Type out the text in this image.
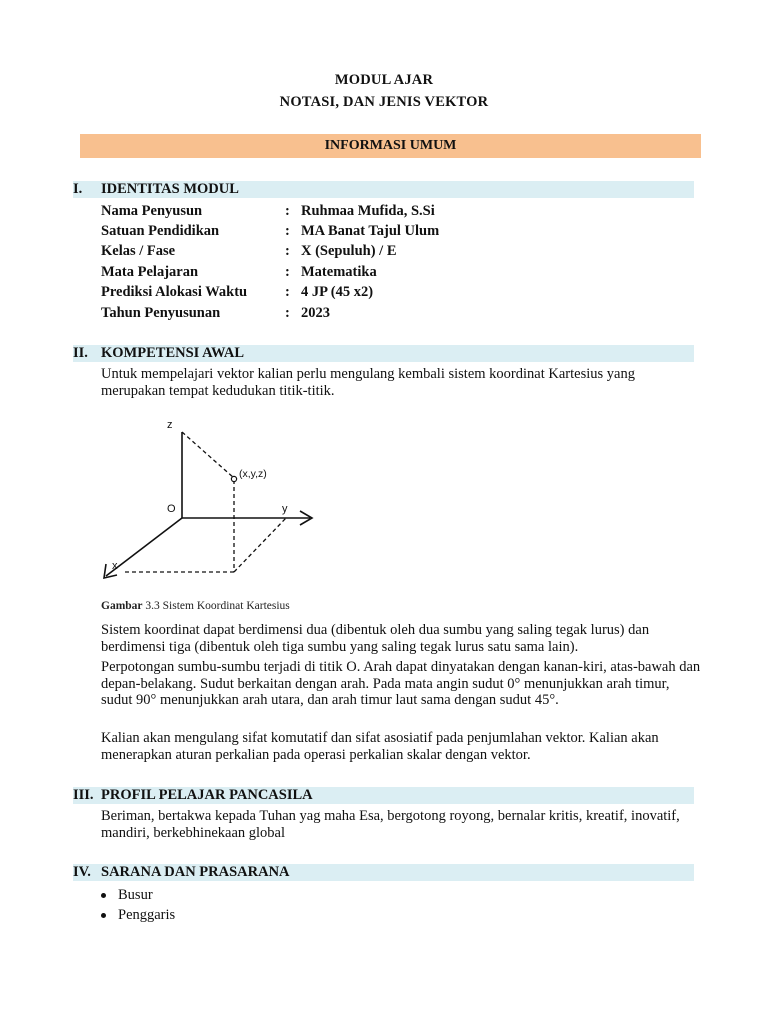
MODUL AJAR
NOTASI, DAN JENIS VEKTOR
INFORMASI UMUM
I. IDENTITAS MODUL
Nama Penyusun	: Ruhmaa Mufida, S.Si
Satuan Pendidikan	: MA Banat Tajul Ulum
Kelas / Fase	: X (Sepuluh) / E
Mata Pelajaran	: Matematika
Prediksi Alokasi Waktu	: 4 JP (45 x2)
Tahun Penyusunan	: 2023
II. KOMPETENSI AWAL
Untuk mempelajari vektor kalian perlu mengulang kembali sistem koordinat Kartesius yang merupakan tempat kedudukan titik-titik.
z
O	y
x
(x,y,z)
Gambar 3.3 Sistem Koordinat Kartesius
Sistem koordinat dapat berdimensi dua (dibentuk oleh dua sumbu yang saling tegak lurus) dan berdimensi tiga (dibentuk oleh tiga sumbu yang saling tegak lurus satu sama lain).
Perpotongan sumbu-sumbu terjadi di titik O. Arah dapat dinyatakan dengan kanan-kiri, atas-bawah dan depan-belakang. Sudut berkaitan dengan arah. Pada mata angin sudut 0° menunjukkan arah timur, sudut 90° menunjukkan arah utara, dan arah timur laut sama dengan sudut 45°.
Kalian akan mengulang sifat komutatif dan sifat asosiatif pada penjumlahan vektor. Kalian akan menerapkan aturan perkalian pada operasi perkalian skalar dengan vektor.
III. PROFIL PELAJAR PANCASILA
Beriman, bertakwa kepada Tuhan yag maha Esa, bergotong royong, bernalar kritis, kreatif, inovatif, mandiri, berkebhinekaan global
IV. SARANA DAN PRASARANA
Busur
Penggaris
